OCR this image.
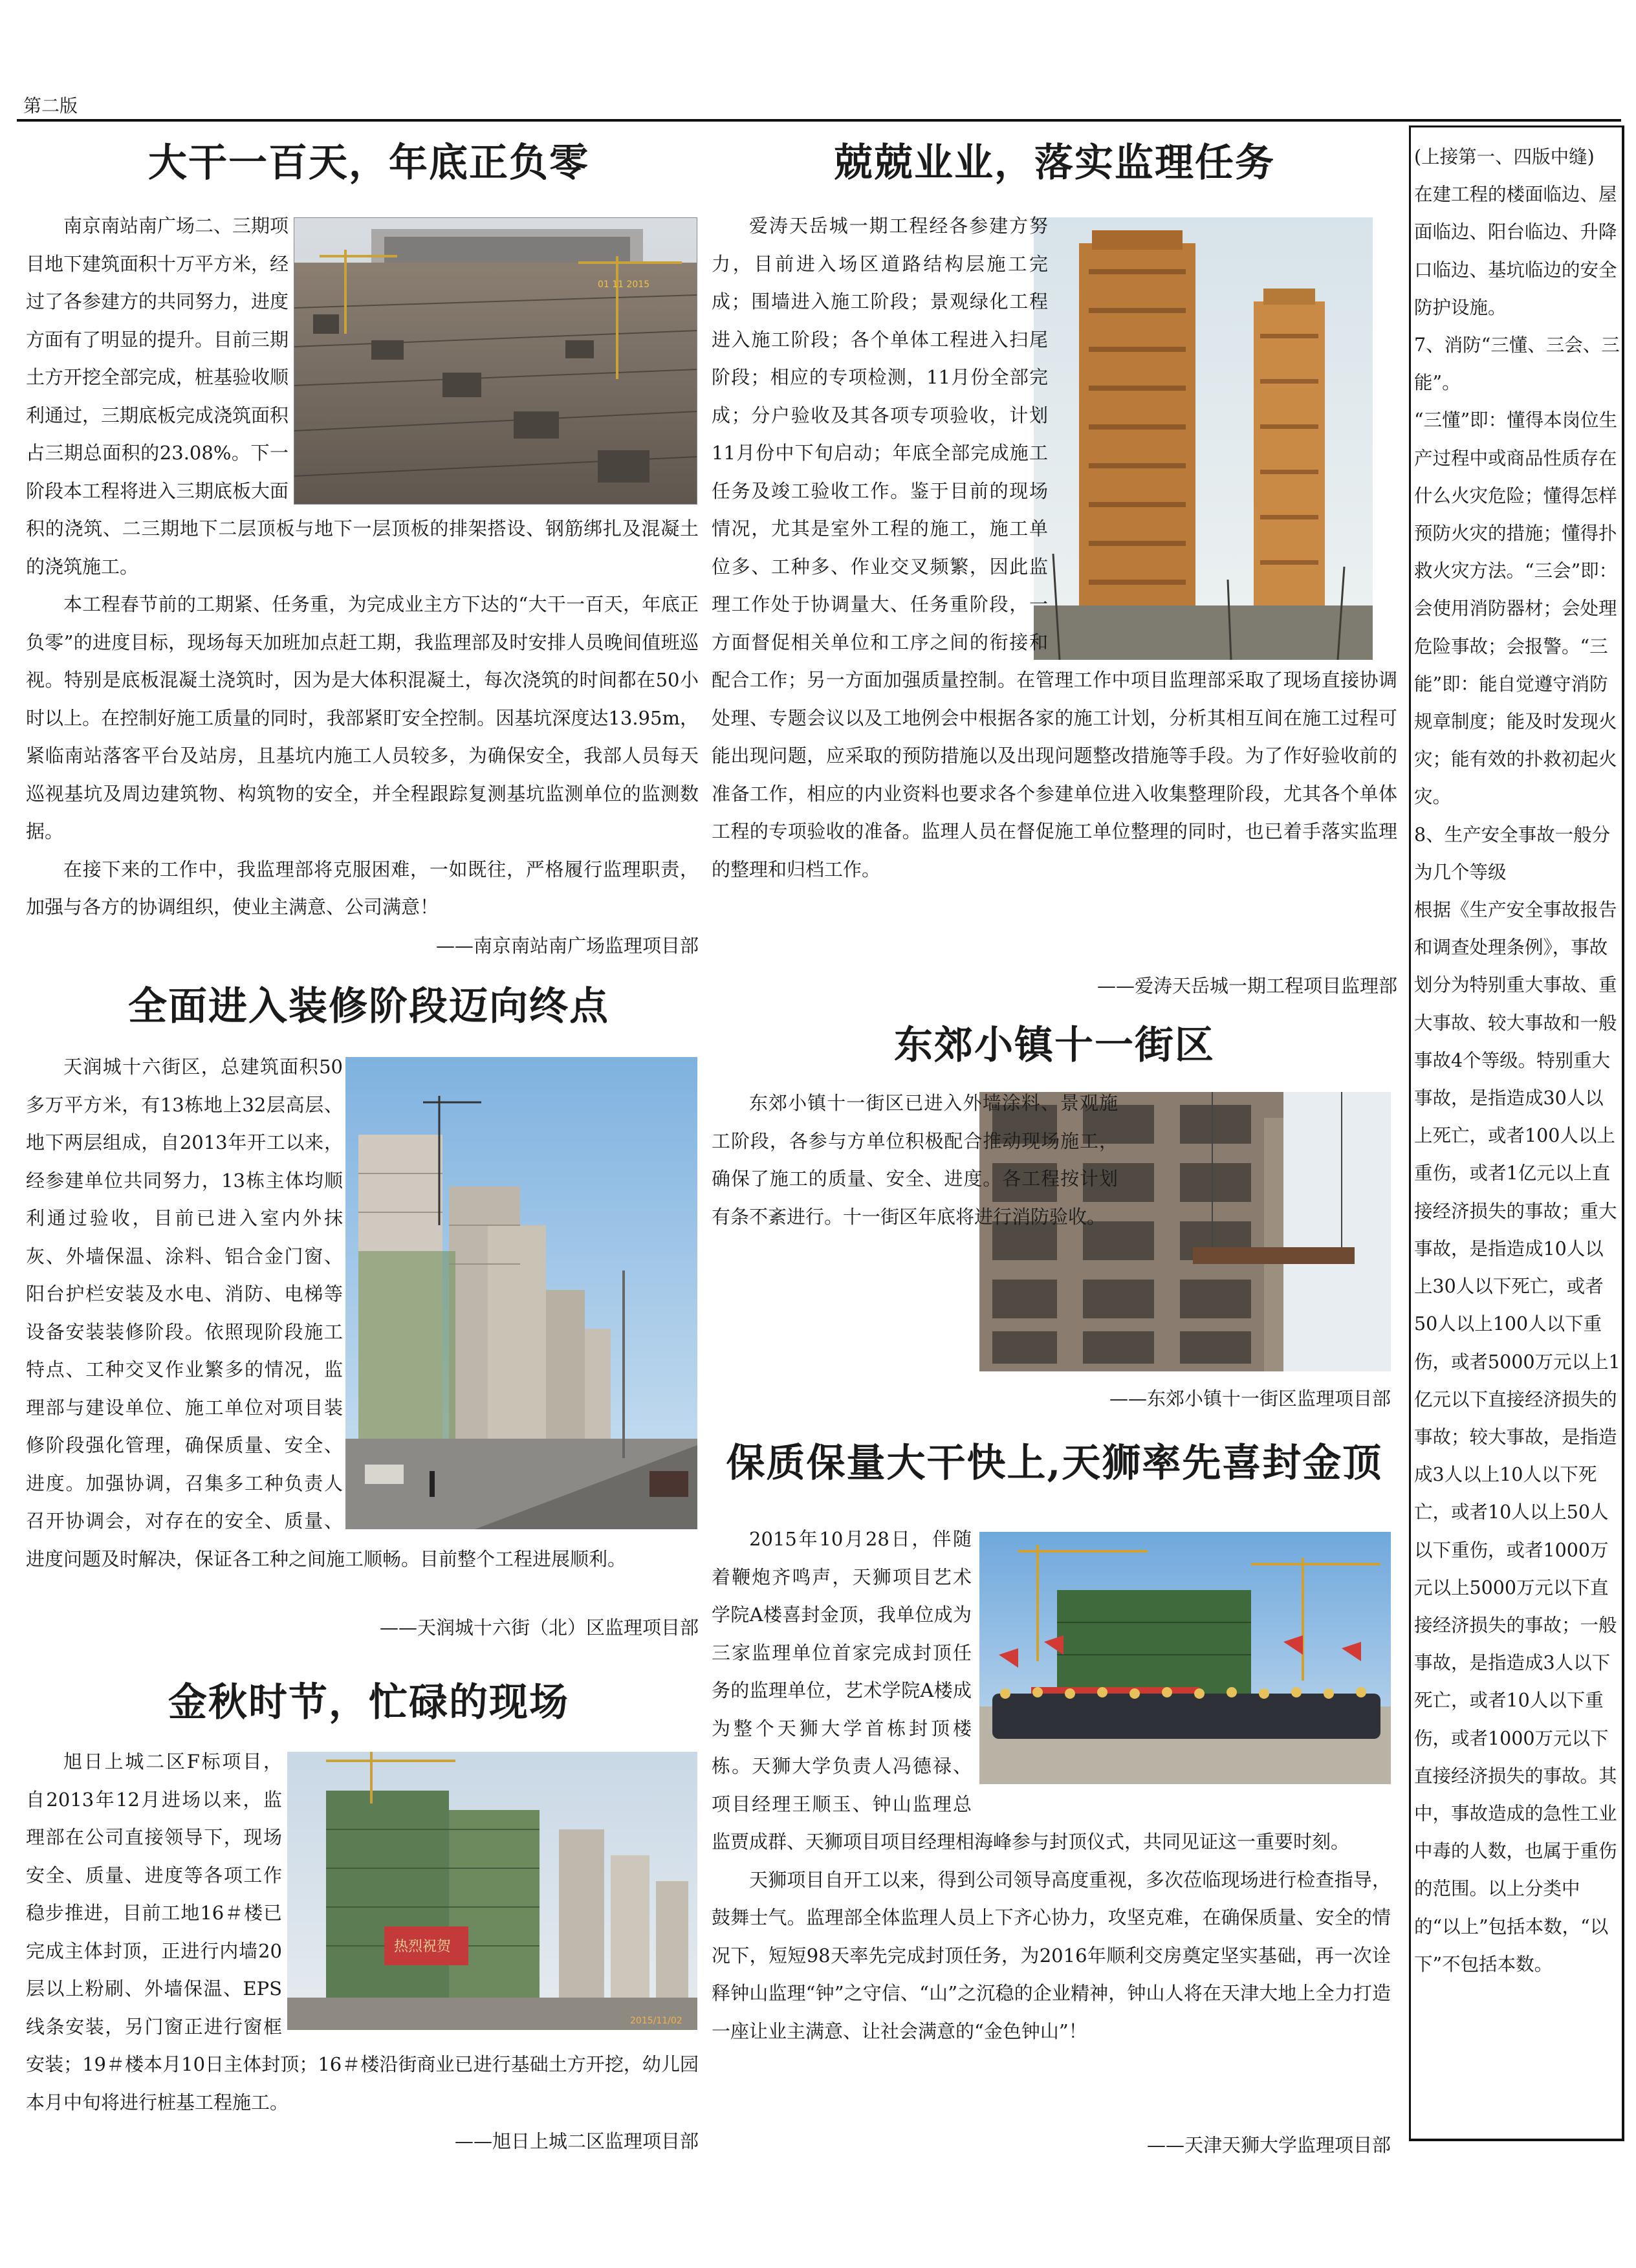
第二版
大干一百天，年底正负零
01 11 2015

南京南站南广场二、三期项目地下建筑面积十万平方米，经过了各参建方的共同努力，进度方面有了明显的提升。目前三期土方开挖全部完成，桩基验收顺利通过，三期底板完成浇筑面积占三期总面积的23.08%。下一阶段本工程将进入三期底板大面积的浇筑、二三期地下二层顶板与地下一层顶板的排架搭设、钢筋绑扎及混凝土的浇筑施工。

本工程春节前的工期紧、任务重，为完成业主方下达的“大干一百天，年底正负零”的进度目标，现场每天加班加点赶工期，我监理部及时安排人员晚间值班巡视。特别是底板混凝土浇筑时，因为是大体积混凝土，每次浇筑的时间都在50小时以上。在控制好施工质量的同时，我部紧盯安全控制。因基坑深度达13.95m，紧临南站落客平台及站房，且基坑内施工人员较多，为确保安全，我部人员每天巡视基坑及周边建筑物、构筑物的安全，并全程跟踪复测基坑监测单位的监测数据。

在接下来的工作中，我监理部将克服困难，一如既往，严格履行监理职责，加强与各方的协调组织，使业主满意、公司满意！

——南京南站南广场监理项目部
兢兢业业，落实监理任务

爱涛天岳城一期工程经各参建方努力，目前进入场区道路结构层施工完成；围墙进入施工阶段；景观绿化工程进入施工阶段；各个单体工程进入扫尾阶段；相应的专项检测，11月份全部完成；分户验收及其各项专项验收，计划11月份中下旬启动；年底全部完成施工任务及竣工验收工作。鉴于目前的现场情况，尤其是室外工程的施工，施工单位多、工种多、作业交叉频繁，因此监理工作处于协调量大、任务重阶段，一方面督促相关单位和工序之间的衔接和配合工作；另一方面加强质量控制。在管理工作中项目监理部采取了现场直接协调处理、专题会议以及工地例会中根据各家的施工计划，分析其相互间在施工过程可能出现问题，应采取的预防措施以及出现问题整改措施等手段。为了作好验收前的准备工作，相应的内业资料也要求各个参建单位进入收集整理阶段，尤其各个单体工程的专项验收的准备。监理人员在督促施工单位整理的同时，也已着手落实监理的整理和归档工作。

——爱涛天岳城一期工程项目监理部
全面进入装修阶段迈向终点

天润城十六街区，总建筑面积50多万平方米，有13栋地上32层高层、地下两层组成，自2013年开工以来，经参建单位共同努力，13栋主体均顺利通过验收，目前已进入室内外抹灰、外墙保温、涂料、铝合金门窗、阳台护栏安装及水电、消防、电梯等设备安装装修阶段。依照现阶段施工特点、工种交叉作业繁多的情况，监理部与建设单位、施工单位对项目装修阶段强化管理，确保质量、安全、进度。加强协调，召集多工种负责人召开协调会，对存在的安全、质量、进度问题及时解决，保证各工种之间施工顺畅。目前整个工程进展顺利。

——天润城十六街（北）区监理项目部
东郊小镇十一街区

东郊小镇十一街区已进入外墙涂料、景观施工阶段，各参与方单位积极配合推动现场施工，确保了施工的质量、安全、进度。各工程按计划有条不紊进行。十一街区年底将进行消防验收。

——东郊小镇十一街区监理项目部
金秋时节，忙碌的现场
热烈祝贺
2015/11/02

旭日上城二区F标项目，自2013年12月进场以来，监理部在公司直接领导下，现场安全、质量、进度等各项工作稳步推进，目前工地16＃楼已完成主体封顶，正进行内墙20层以上粉刷、外墙保温、EPS线条安装，另门窗正进行窗框安装；19＃楼本月10日主体封顶；16＃楼沿街商业已进行基础土方开挖，幼儿园本月中旬将进行桩基工程施工。

——旭日上城二区监理项目部
保质保量大干快上,天狮率先喜封金顶

2015年10月28日，伴随着鞭炮齐鸣声，天狮项目艺术学院A楼喜封金顶，我单位成为三家监理单位首家完成封顶任务的监理单位，艺术学院A楼成为整个天狮大学首栋封顶楼栋。天狮大学负责人冯德禄、项目经理王顺玉、钟山监理总监贾成群、天狮项目项目经理相海峰参与封顶仪式，共同见证这一重要时刻。

天狮项目自开工以来，得到公司领导高度重视，多次莅临现场进行检查指导，鼓舞士气。监理部全体监理人员上下齐心协力，攻坚克难，在确保质量、安全的情况下，短短98天率先完成封顶任务，为2016年顺利交房奠定坚实基础，再一次诠释钟山监理“钟”之守信、“山”之沉稳的企业精神，钟山人将在天津大地上全力打造一座让业主满意、让社会满意的“金色钟山”！

——天津天狮大学监理项目部

(上接第一、四版中缝)

在建工程的楼面临边、屋面临边、阳台临边、升降口临边、基坑临边的安全防护设施。

7、消防“三懂、三会、三能”。

“三懂”即：懂得本岗位生产过程中或商品性质存在什么火灾危险；懂得怎样预防火灾的措施；懂得扑救火灾方法。“三会”即：会使用消防器材；会处理危险事故；会报警。“三能”即：能自觉遵守消防规章制度；能及时发现火灾；能有效的扑救初起火灾。

8、生产安全事故一般分为几个等级

根据《生产安全事故报告和调查处理条例》，事故划分为特别重大事故、重大事故、较大事故和一般事故4个等级。特别重大事故，是指造成30人以上死亡，或者100人以上重伤，或者1亿元以上直接经济损失的事故；重大事故，是指造成10人以上30人以下死亡，或者50人以上100人以下重伤，或者5000万元以上1亿元以下直接经济损失的事故；较大事故，是指造成3人以上10人以下死亡，或者10人以上50人以下重伤，或者1000万元以上5000万元以下直接经济损失的事故；一般事故，是指造成3人以下死亡，或者10人以下重伤，或者1000万元以下直接经济损失的事故。其中，事故造成的急性工业中毒的人数，也属于重伤的范围。以上分类中的“以上”包括本数，“以下”不包括本数。
